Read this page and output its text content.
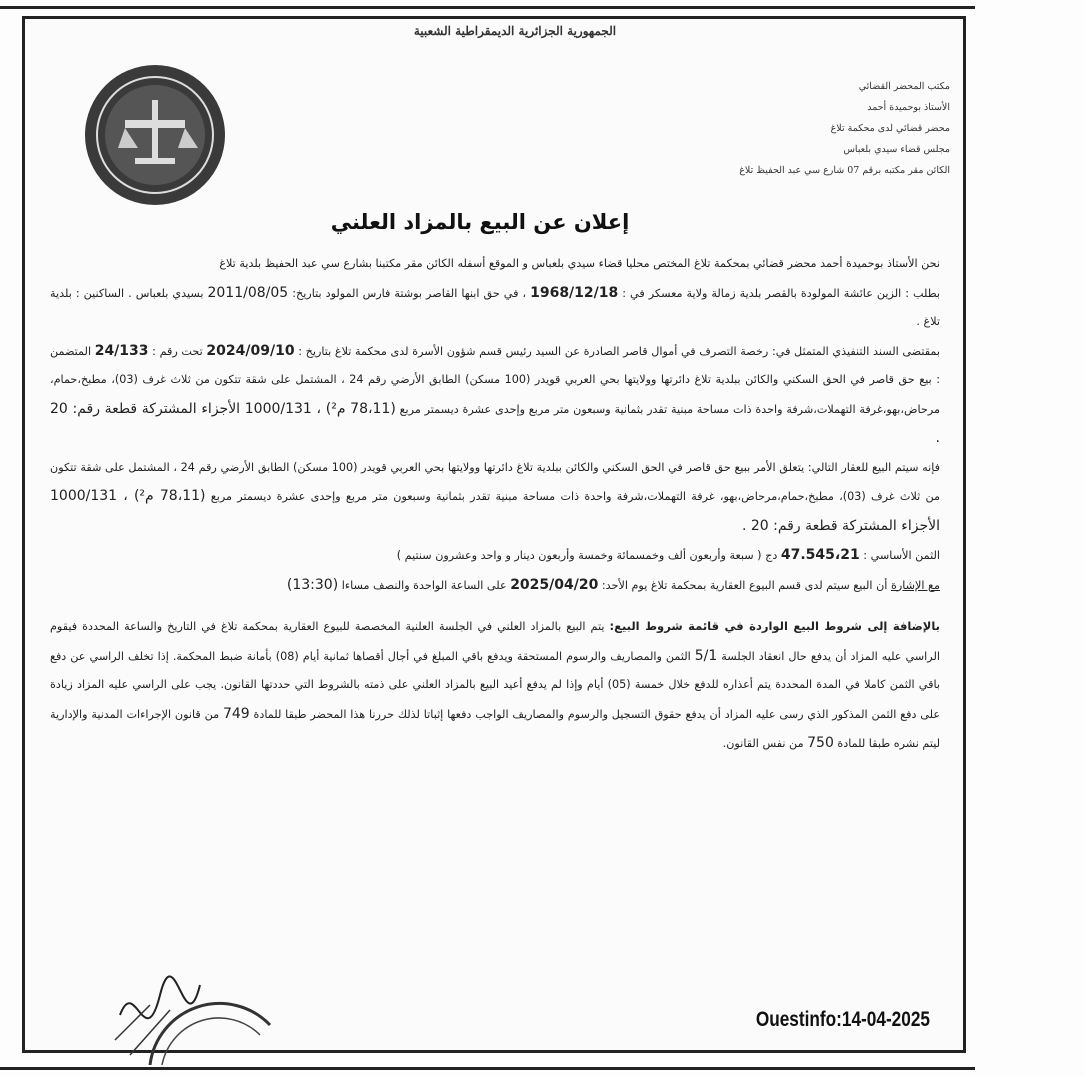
الجمهورية الجزائرية الديمقراطية الشعبية
مكتب المحضر القضائي
الأستاذ بوحميدة أحمد
محضر قضائي لدى محكمة تلاغ
مجلس قضاء سيدي بلعباس
الكائن مقر مكتبه برقم 07 شارع سي عبد الحفيظ تلاغ
إعلان عن البيع بالمزاد العلني

نحن الأستاذ بوحميدة أحمد محضر قضائي بمحكمة تلاغ المختص محليا قضاء سيدي بلعباس و الموقع أسفله الكائن مقر مكتبنا بشارع سي عبد الحفيظ بلدية تلاغ

بطلب : الزين عائشة المولودة بالقصر بلدية زمالة ولاية معسكر في : 1968/12/18 ، في حق ابنها القاصر بوشتة فارس المولود بتاريخ: 2011/08/05 بسيدي بلعباس . الساكنين : بلدية تلاغ .

بمقتضى السند التنفيذي المتمثل في: رخصة التصرف في أموال قاصر الصادرة عن السيد رئيس قسم شؤون الأسرة لدى محكمة تلاغ بتاريخ : 2024/09/10 تحت رقم : 24/133 المتضمن : بيع حق قاصر في الحق السكني والكائن ببلدية تلاغ دائرتها وولايتها بحي العربي قويدر (100 مسكن) الطابق الأرضي رقم 24 ، المشتمل على شقة تتكون من ثلاث غرف (03)، مطبخ،حمام، مرحاض،بهو،غرفة التهملات،شرفة واحدة ذات مساحة مبنية تقدر بثمانية وسبعون متر مربع وإحدى عشرة ديسمتر مربع (78،11 م²) ، 1000/131 الأجزاء المشتركة قطعة رقم: 20 .

فإنه سيتم البيع للعقار التالي: يتعلق الأمر ببيع حق قاصر في الحق السكني والكائن ببلدية تلاغ دائرتها وولايتها بحي العربي قويدر (100 مسكن) الطابق الأرضي رقم 24 ، المشتمل على شقة تتكون من ثلاث غرف (03)، مطبخ،حمام،مرحاض،بهو، غرفة التهملات،شرفة واحدة ذات مساحة مبنية تقدر بثمانية وسبعون متر مربع وإحدى عشرة ديسمتر مربع (78،11 م²) ، 1000/131 الأجزاء المشتركة قطعة رقم: 20 .

الثمن الأساسي : 47.545،21 دج ( سبعة وأربعون ألف وخمسمائة وخمسة وأربعون دينار و واحد وعشرون سنتيم )

مع الإشارة أن البيع سيتم لدى قسم البيوع العقارية بمحكمة تلاغ يوم الأحد: 2025/04/20 على الساعة الواحدة والنصف مساءا (13:30)

بالإضافة إلى شروط البيع الواردة في قائمة شروط البيع: يتم البيع بالمزاد العلني في الجلسة العلنية المخصصة للبيوع العقارية بمحكمة تلاغ في التاريخ والساعة المحددة فيقوم الراسي عليه المزاد أن يدفع حال انعقاد الجلسة 5/1 الثمن والمصاريف والرسوم المستحقة ويدفع باقي المبلغ في أجال أقصاها ثمانية أيام (08) بأمانة ضبط المحكمة. إذا تخلف الراسي عن دفع باقي الثمن كاملا في المدة المحددة يتم أعذاره للدفع خلال خمسة (05) أيام وإذا لم يدفع أعيد البيع بالمزاد العلني على ذمته بالشروط التي حددتها القانون. يجب على الراسي عليه المزاد زيادة على دفع الثمن المذكور الذي رسى عليه المزاد أن يدفع حقوق التسجيل والرسوم والمصاريف الواجب دفعها إثباتا لذلك حررنا هذا المحضر طبقا للمادة 749 من قانون الإجراءات المدنية والإدارية ليتم نشره طبقا للمادة 750 من نفس القانون.

Ouestinfo:14-04-2025
